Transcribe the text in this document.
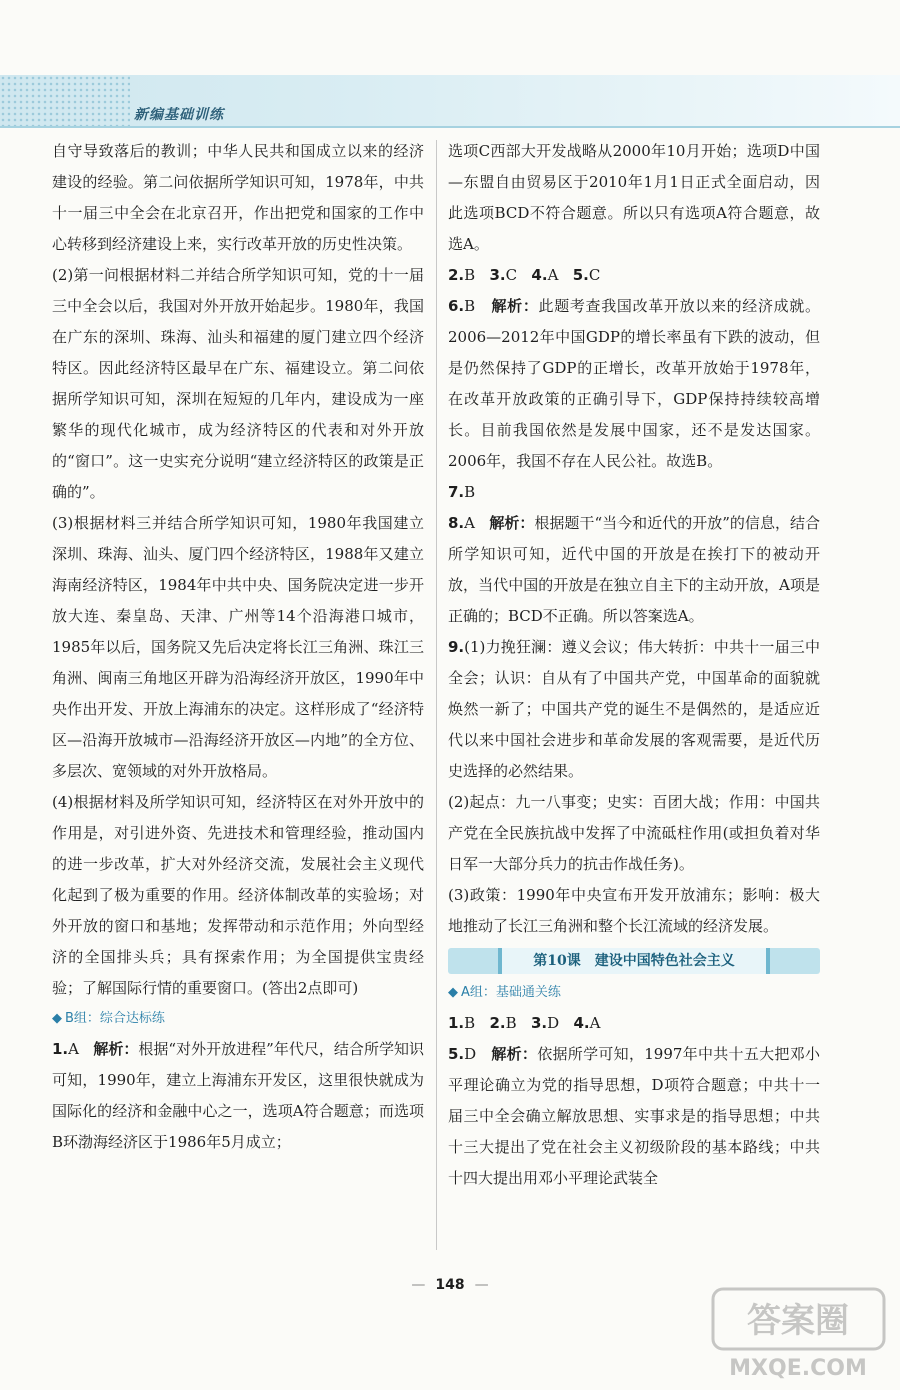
新编基础训练

自守导致落后的教训；中华人民共和国成立以来的经济建设的经验。第二问依据所学知识可知，1978年，中共十一届三中全会在北京召开，作出把党和国家的工作中心转移到经济建设上来，实行改革开放的历史性决策。

(2)第一问根据材料二并结合所学知识可知，党的十一届三中全会以后，我国对外开放开始起步。1980年，我国在广东的深圳、珠海、汕头和福建的厦门建立四个经济特区。因此经济特区最早在广东、福建设立。第二问依据所学知识可知，深圳在短短的几年内，建设成为一座繁华的现代化城市，成为经济特区的代表和对外开放的“窗口”。这一史实充分说明“建立经济特区的政策是正确的”。

(3)根据材料三并结合所学知识可知，1980年我国建立深圳、珠海、汕头、厦门四个经济特区，1988年又建立海南经济特区，1984年中共中央、国务院决定进一步开放大连、秦皇岛、天津、广州等14个沿海港口城市，1985年以后，国务院又先后决定将长江三角洲、珠江三角洲、闽南三角地区开辟为沿海经济开放区，1990年中央作出开发、开放上海浦东的决定。这样形成了“经济特区—沿海开放城市—沿海经济开放区—内地”的全方位、多层次、宽领域的对外开放格局。

(4)根据材料及所学知识可知，经济特区在对外开放中的作用是，对引进外资、先进技术和管理经验，推动国内的进一步改革，扩大对外经济交流，发展社会主义现代化起到了极为重要的作用。经济体制改革的实验场；对外开放的窗口和基地；发挥带动和示范作用；外向型经济的全国排头兵；具有探索作用；为全国提供宝贵经验；了解国际行情的重要窗口。(答出2点即可)

◆ B组：综合达标练

1.A 解析：根据“对外开放进程”年代尺，结合所学知识可知，1990年，建立上海浦东开发区，这里很快就成为国际化的经济和金融中心之一，选项A符合题意；而选项B环渤海经济区于1986年5月成立；

选项C西部大开发战略从2000年10月开始；选项D中国—东盟自由贸易区于2010年1月1日正式全面启动，因此选项BCD不符合题意。所以只有选项A符合题意，故选A。

2.B 3.C 4.A 5.C

6.B 解析：此题考查我国改革开放以来的经济成就。2006—2012年中国GDP的增长率虽有下跌的波动，但是仍然保持了GDP的正增长，改革开放始于1978年，在改革开放政策的正确引导下，GDP保持持续较高增长。目前我国依然是发展中国家，还不是发达国家。2006年，我国不存在人民公社。故选B。

7.B

8.A 解析：根据题干“当今和近代的开放”的信息，结合所学知识可知，近代中国的开放是在挨打下的被动开放，当代中国的开放是在独立自主下的主动开放，A项是正确的；BCD不正确。所以答案选A。

9.(1)力挽狂澜：遵义会议；伟大转折：中共十一届三中全会；认识：自从有了中国共产党，中国革命的面貌就焕然一新了；中国共产党的诞生不是偶然的，是适应近代以来中国社会进步和革命发展的客观需要，是近代历史选择的必然结果。

(2)起点：九一八事变；史实：百团大战；作用：中国共产党在全民族抗战中发挥了中流砥柱作用(或担负着对华日军一大部分兵力的抗击作战任务)。

(3)政策：1990年中央宣布开发开放浦东；影响：极大地推动了长江三角洲和整个长江流域的经济发展。

第10课　建设中国特色社会主义
◆ A组：基础通关练

1.B 2.B 3.D 4.A

5.D 解析：依据所学可知，1997年中共十五大把邓小平理论确立为党的指导思想，D项符合题意；中共十一届三中全会确立解放思想、实事求是的指导思想；中共十三大提出了党在社会主义初级阶段的基本路线；中共十四大提出用邓小平理论武装全

— 148 —
答案圈
MXQE.COM
